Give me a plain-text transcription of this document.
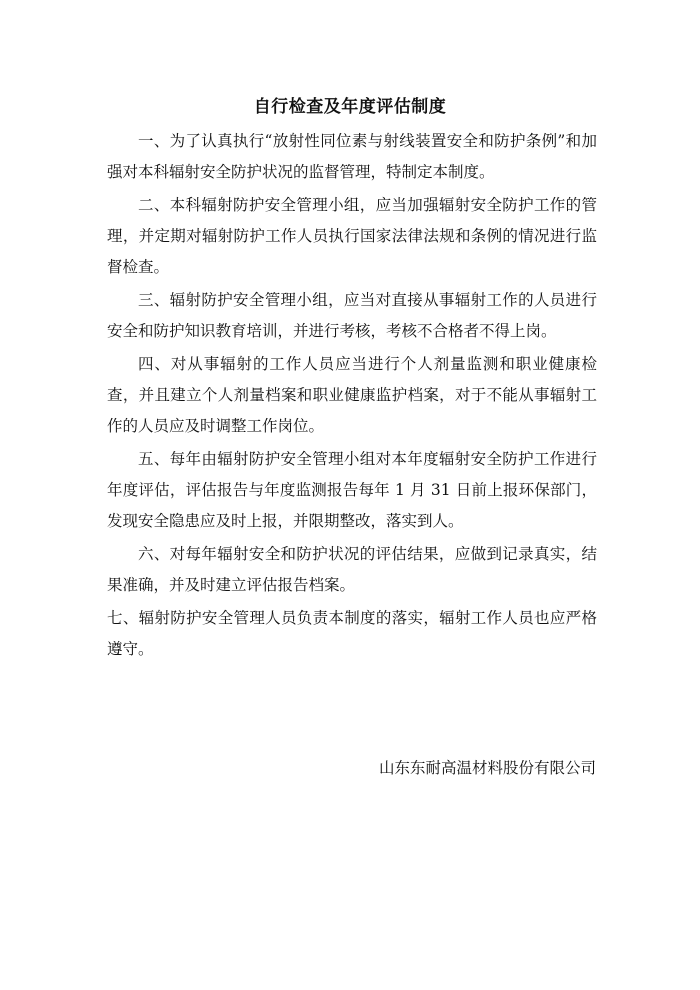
自行检查及年度评估制度

一、为了认真执行“放射性同位素与射线装置安全和防护条例”和加强对本科辐射安全防护状况的监督管理，特制定本制度。

二、本科辐射防护安全管理小组，应当加强辐射安全防护工作的管理，并定期对辐射防护工作人员执行国家法律法规和条例的情况进行监督检查。

三、辐射防护安全管理小组，应当对直接从事辐射工作的人员进行安全和防护知识教育培训，并进行考核，考核不合格者不得上岗。

四、对从事辐射的工作人员应当进行个人剂量监测和职业健康检查，并且建立个人剂量档案和职业健康监护档案，对于不能从事辐射工作的人员应及时调整工作岗位。

五、每年由辐射防护安全管理小组对本年度辐射安全防护工作进行年度评估，评估报告与年度监测报告每年 1 月 31 日前上报环保部门，发现安全隐患应及时上报，并限期整改，落实到人。

六、对每年辐射安全和防护状况的评估结果，应做到记录真实，结果准确，并及时建立评估报告档案。

七、辐射防护安全管理人员负责本制度的落实，辐射工作人员也应严格遵守。

山东东耐高温材料股份有限公司
